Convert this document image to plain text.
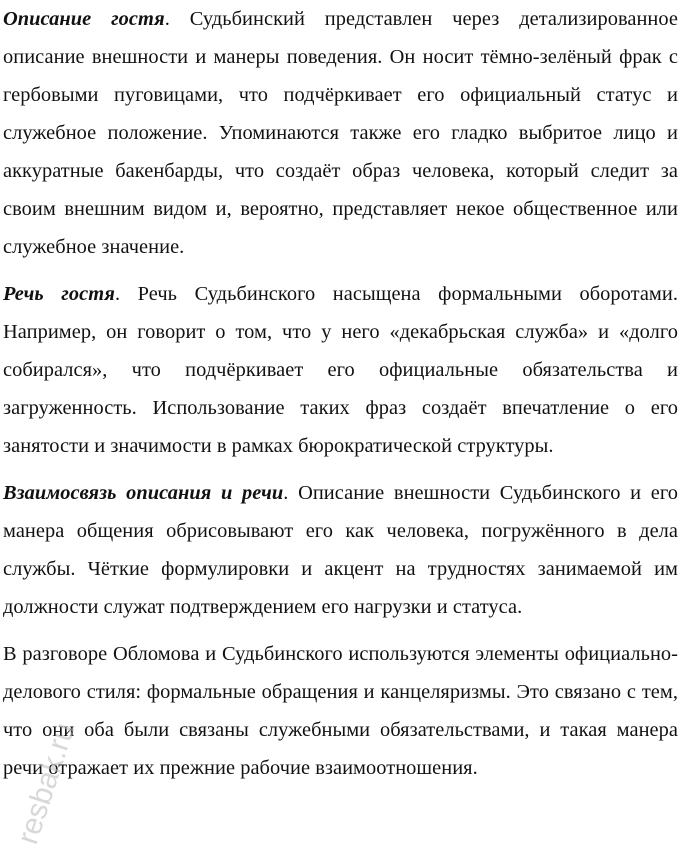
Описание гостя. Судьбинский представлен через детализированное описание внешности и манеры поведения. Он носит тёмно-зелёный фрак с гербовыми пуговицами, что подчёркивает его официальный статус и служебное положение. Упоминаются также его гладко выбритое лицо и аккуратные бакенбарды, что создаёт образ человека, который следит за своим внешним видом и, вероятно, представляет некое общественное или служебное значение.

Речь гостя. Речь Судьбинского насыщена формальными оборотами. Например, он говорит о том, что у него «декабрьская служба» и «долго собирался», что подчёркивает его официальные обязательства и загруженность. Использование таких фраз создаёт впечатление о его занятости и значимости в рамках бюрократической структуры.

Взаимосвязь описания и речи. Описание внешности Судьбинского и его манера общения обрисовывают его как человека, погружённого в дела службы. Чёткие формулировки и акцент на трудностях занимаемой им должности служат подтверждением его нагрузки и статуса.

В разговоре Обломова и Судьбинского используются элементы официально-делового стиля: формальные обращения и канцеляризмы. Это связано с тем, что они оба были связаны служебными обязательствами, и такая манера речи отражает их прежние рабочие взаимоотношения.

resbak.ru
